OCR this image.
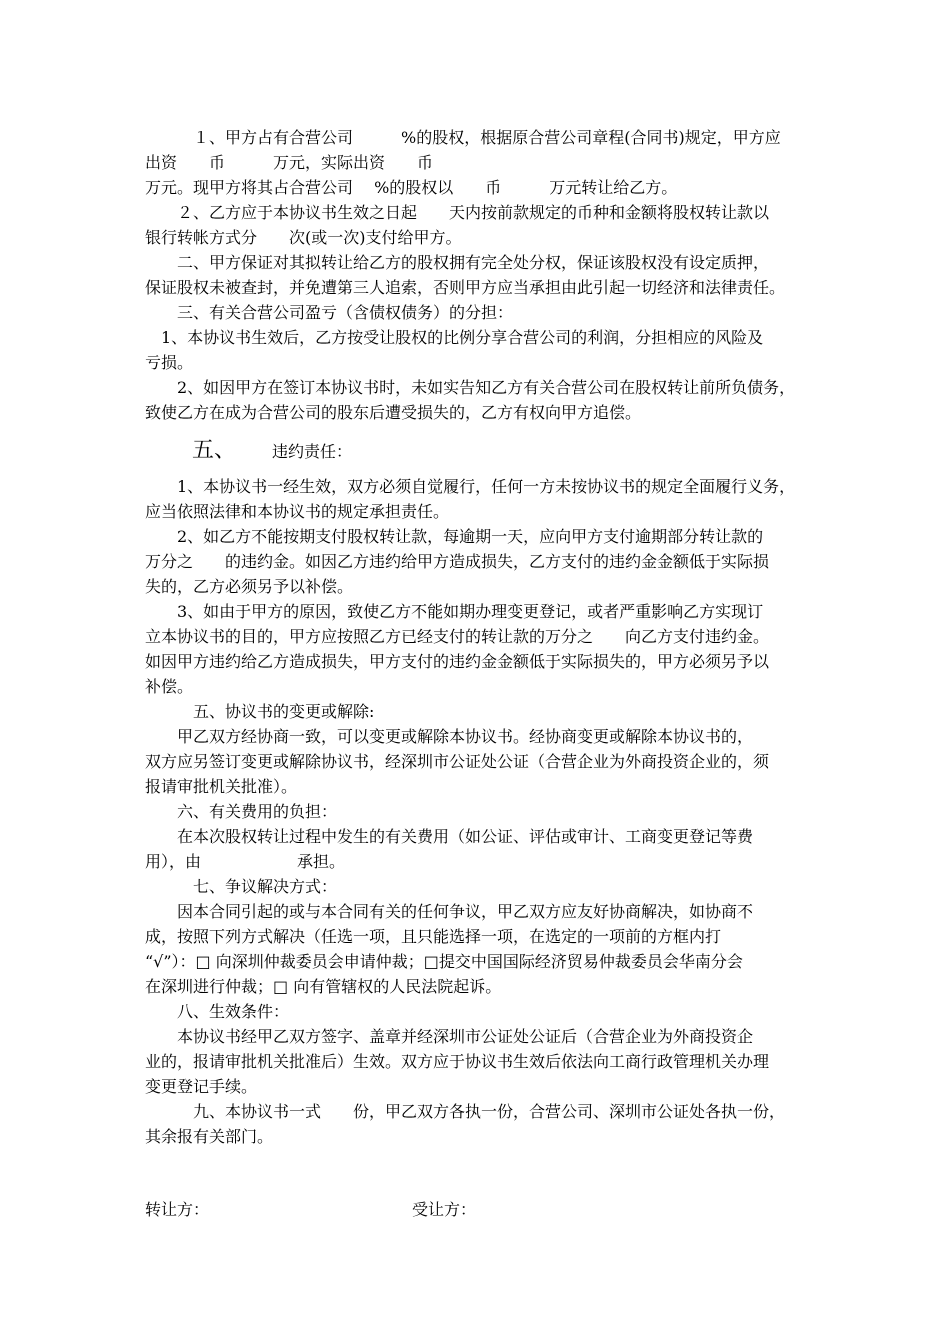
　　　１、甲方占有合营公司　　　%的股权，根据原合营公司章程(合同书)规定，甲方应
出资　　币　　　万元，实际出资　　币
万元。现甲方将其占合营公司　 %的股权以　　币　　　万元转让给乙方。
　　２、乙方应于本协议书生效之日起　　天内按前款规定的币种和金额将股权转让款以
银行转帐方式分　　次(或一次)支付给甲方。
　　二、甲方保证对其拟转让给乙方的股权拥有完全处分权，保证该股权没有设定质押，
保证股权未被查封，并免遭第三人追索，否则甲方应当承担由此引起一切经济和法律责任。
　　三、有关合营公司盈亏（含债权债务）的分担：
　1、本协议书生效后，乙方按受让股权的比例分享合营公司的利润，分担相应的风险及
亏损。
　　2、如因甲方在签订本协议书时，未如实告知乙方有关合营公司在股权转让前所负债务，
致使乙方在成为合营公司的股东后遭受损失的，乙方有权向甲方追偿。
五、 违约责任：
　　1、本协议书一经生效，双方必须自觉履行，任何一方未按协议书的规定全面履行义务，
应当依照法律和本协议书的规定承担责任。
　　2、如乙方不能按期支付股权转让款，每逾期一天，应向甲方支付逾期部分转让款的
万分之　　的违约金。如因乙方违约给甲方造成损失，乙方支付的违约金金额低于实际损
失的，乙方必须另予以补偿。
　　3、如由于甲方的原因，致使乙方不能如期办理变更登记，或者严重影响乙方实现订
立本协议书的目的，甲方应按照乙方已经支付的转让款的万分之　　向乙方支付违约金。
如因甲方违约给乙方造成损失，甲方支付的违约金金额低于实际损失的，甲方必须另予以
补偿。
　　　五、协议书的变更或解除:
　　甲乙双方经协商一致，可以变更或解除本协议书。经协商变更或解除本协议书的，
双方应另签订变更或解除协议书，经深圳市公证处公证（合营企业为外商投资企业的，须
报请审批机关批准）。
　　六、有关费用的负担：
　　在本次股权转让过程中发生的有关费用（如公证、评估或审计、工商变更登记等费
用），由　　　　　　承担。
　　　七、争议解决方式：
　　因本合同引起的或与本合同有关的任何争议，甲乙双方应友好协商解决，如协商不
成，按照下列方式解决（任选一项，且只能选择一项，在选定的一项前的方框内打
“√”）：□ 向深圳仲裁委员会申请仲裁；□提交中国国际经济贸易仲裁委员会华南分会
在深圳进行仲裁；□ 向有管辖权的人民法院起诉。
　　八、生效条件：
　　本协议书经甲乙双方签字、盖章并经深圳市公证处公证后（合营企业为外商投资企
业的，报请审批机关批准后）生效。双方应于协议书生效后依法向工商行政管理机关办理
变更登记手续。
　　　九、本协议书一式　　份，甲乙双方各执一份，合营公司、深圳市公证处各执一份，
其余报有关部门。
转让方：	受让方：
